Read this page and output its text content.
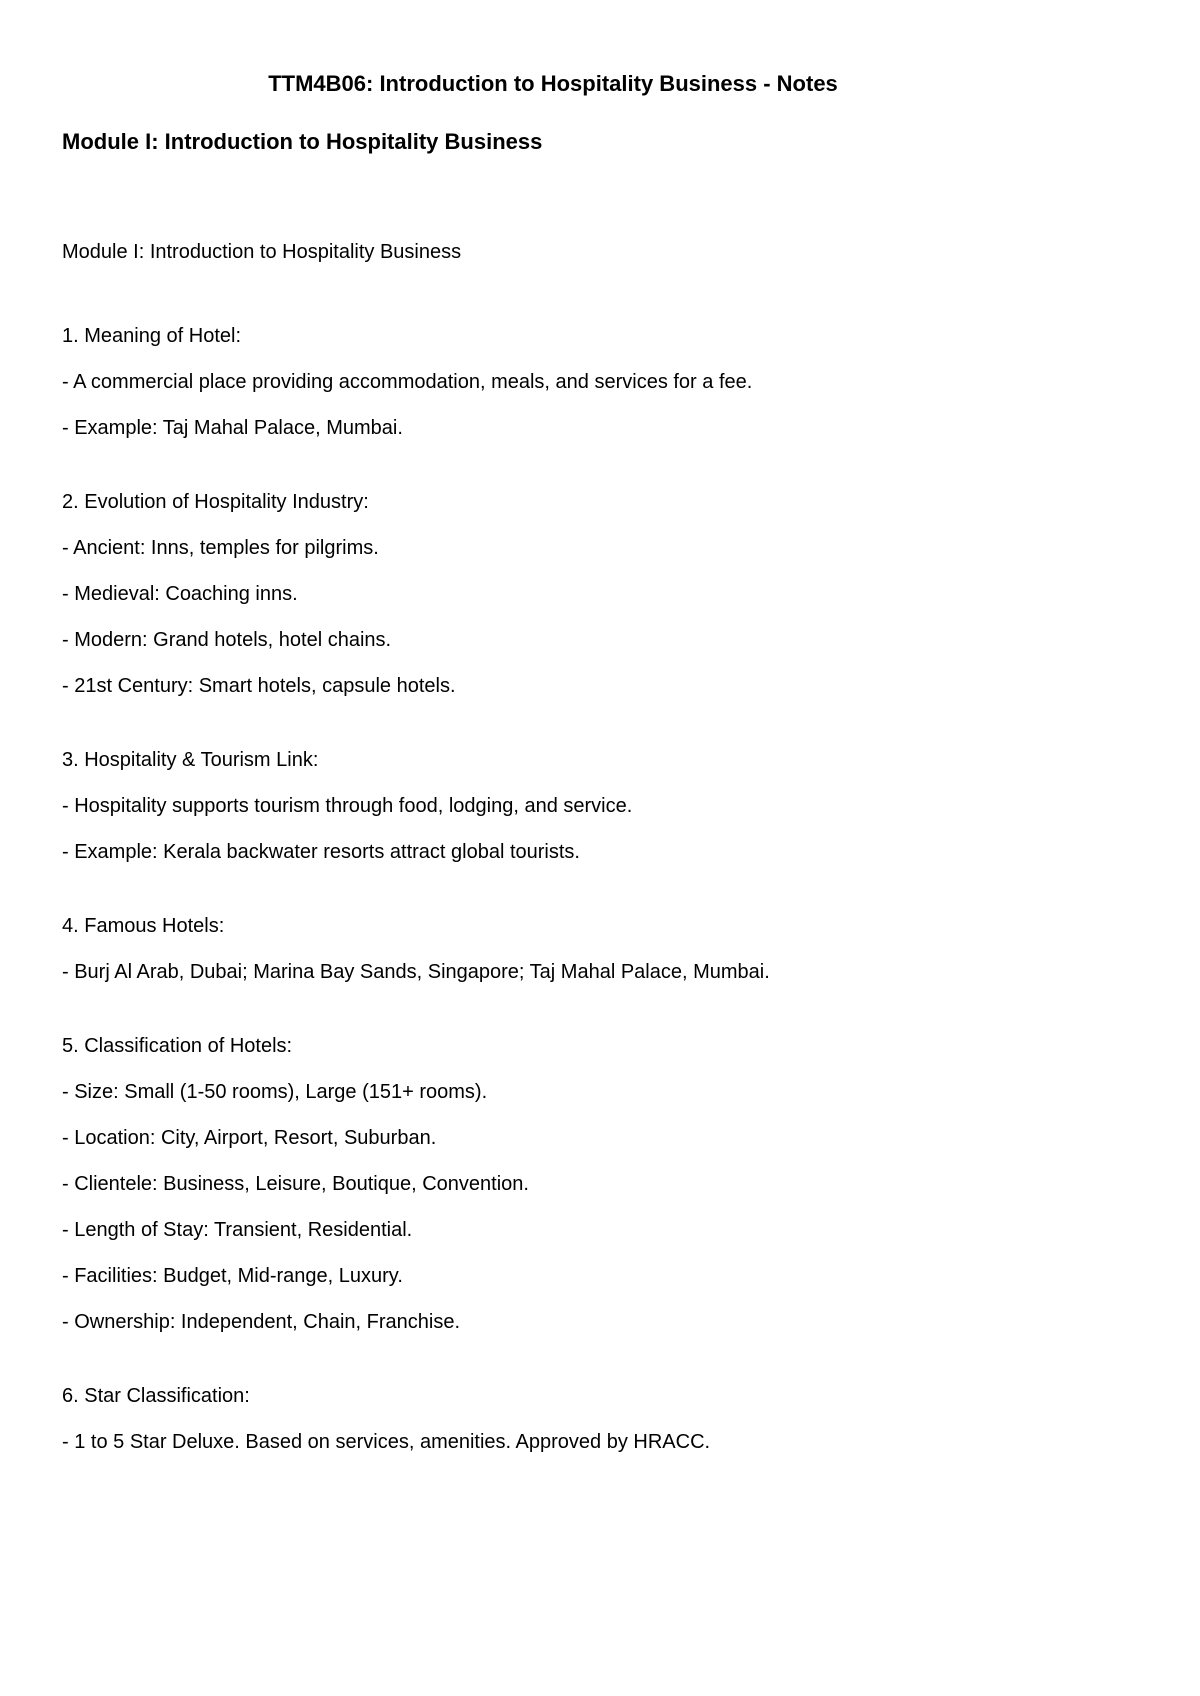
TTM4B06: Introduction to Hospitality Business - Notes
Module I: Introduction to Hospitality Business

Module I: Introduction to Hospitality Business

1. Meaning of Hotel:

- A commercial place providing accommodation, meals, and services for a fee.

- Example: Taj Mahal Palace, Mumbai.

2. Evolution of Hospitality Industry:

- Ancient: Inns, temples for pilgrims.

- Medieval: Coaching inns.

- Modern: Grand hotels, hotel chains.

- 21st Century: Smart hotels, capsule hotels.

3. Hospitality & Tourism Link:

- Hospitality supports tourism through food, lodging, and service.

- Example: Kerala backwater resorts attract global tourists.

4. Famous Hotels:

- Burj Al Arab, Dubai; Marina Bay Sands, Singapore; Taj Mahal Palace, Mumbai.

5. Classification of Hotels:

- Size: Small (1-50 rooms), Large (151+ rooms).

- Location: City, Airport, Resort, Suburban.

- Clientele: Business, Leisure, Boutique, Convention.

- Length of Stay: Transient, Residential.

- Facilities: Budget, Mid-range, Luxury.

- Ownership: Independent, Chain, Franchise.

6. Star Classification:

- 1 to 5 Star Deluxe. Based on services, amenities. Approved by HRACC.
